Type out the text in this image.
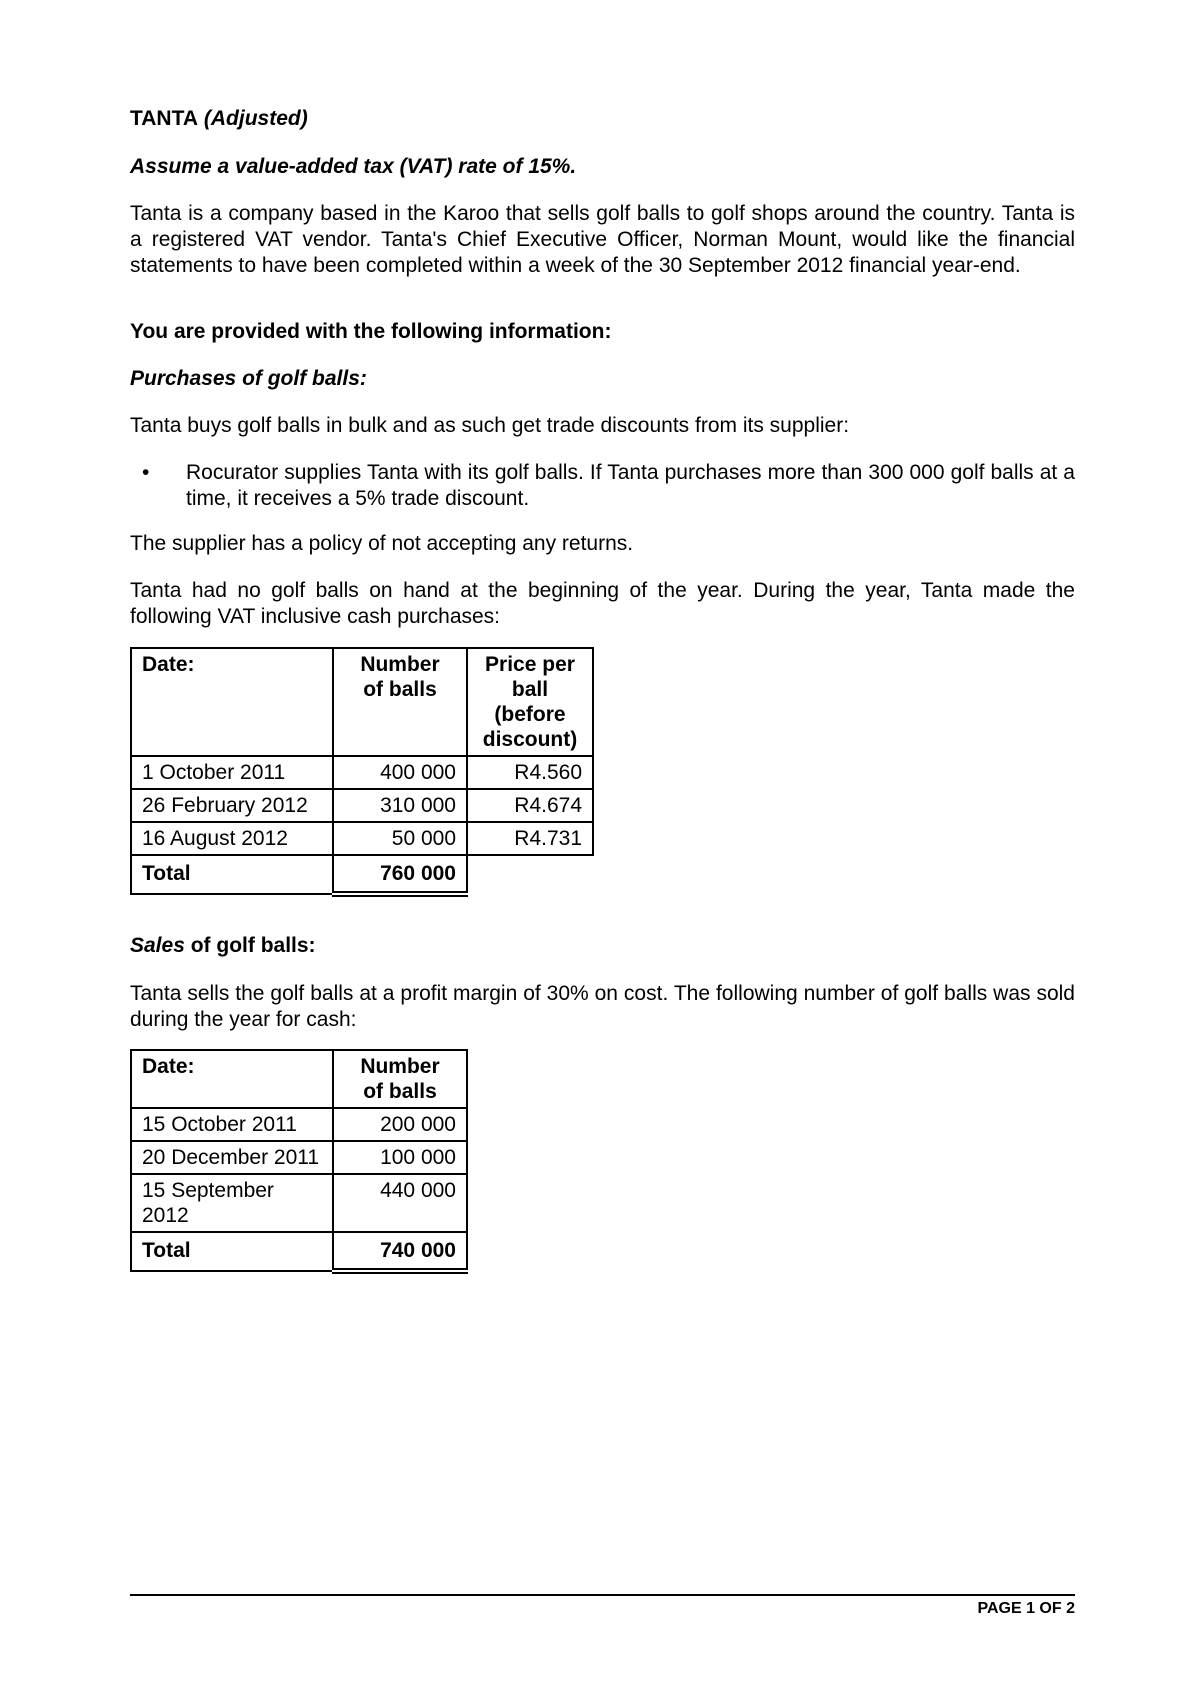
TANTA (Adjusted)

Assume a value-added tax (VAT) rate of 15%.

Tanta is a company based in the Karoo that sells golf balls to golf shops around the country. Tanta is a registered VAT vendor. Tanta's Chief Executive Officer, Norman Mount, would like the financial statements to have been completed within a week of the 30 September 2012 financial year-end.

You are provided with the following information:

Purchases of golf balls:

Tanta buys golf balls in bulk and as such get trade discounts from its supplier:

• Rocurator supplies Tanta with its golf balls. If Tanta purchases more than 300 000 golf balls at a time, it receives a 5% trade discount.

The supplier has a policy of not accepting any returns.

Tanta had no golf balls on hand at the beginning of the year. During the year, Tanta made the following VAT inclusive cash purchases:

Date:	Number of balls	Price per ball (before discount)
1 October 2011	400 000	R4.560
26 February 2012	310 000	R4.674
16 August 2012	50 000	R4.731
Total	760 000	

Sales of golf balls:

Tanta sells the golf balls at a profit margin of 30% on cost. The following number of golf balls was sold during the year for cash:

Date:	Number of balls
15 October 2011	200 000
20 December 2011	100 000
15 September 2012	440 000
Total	740 000
PAGE 1 OF 2
